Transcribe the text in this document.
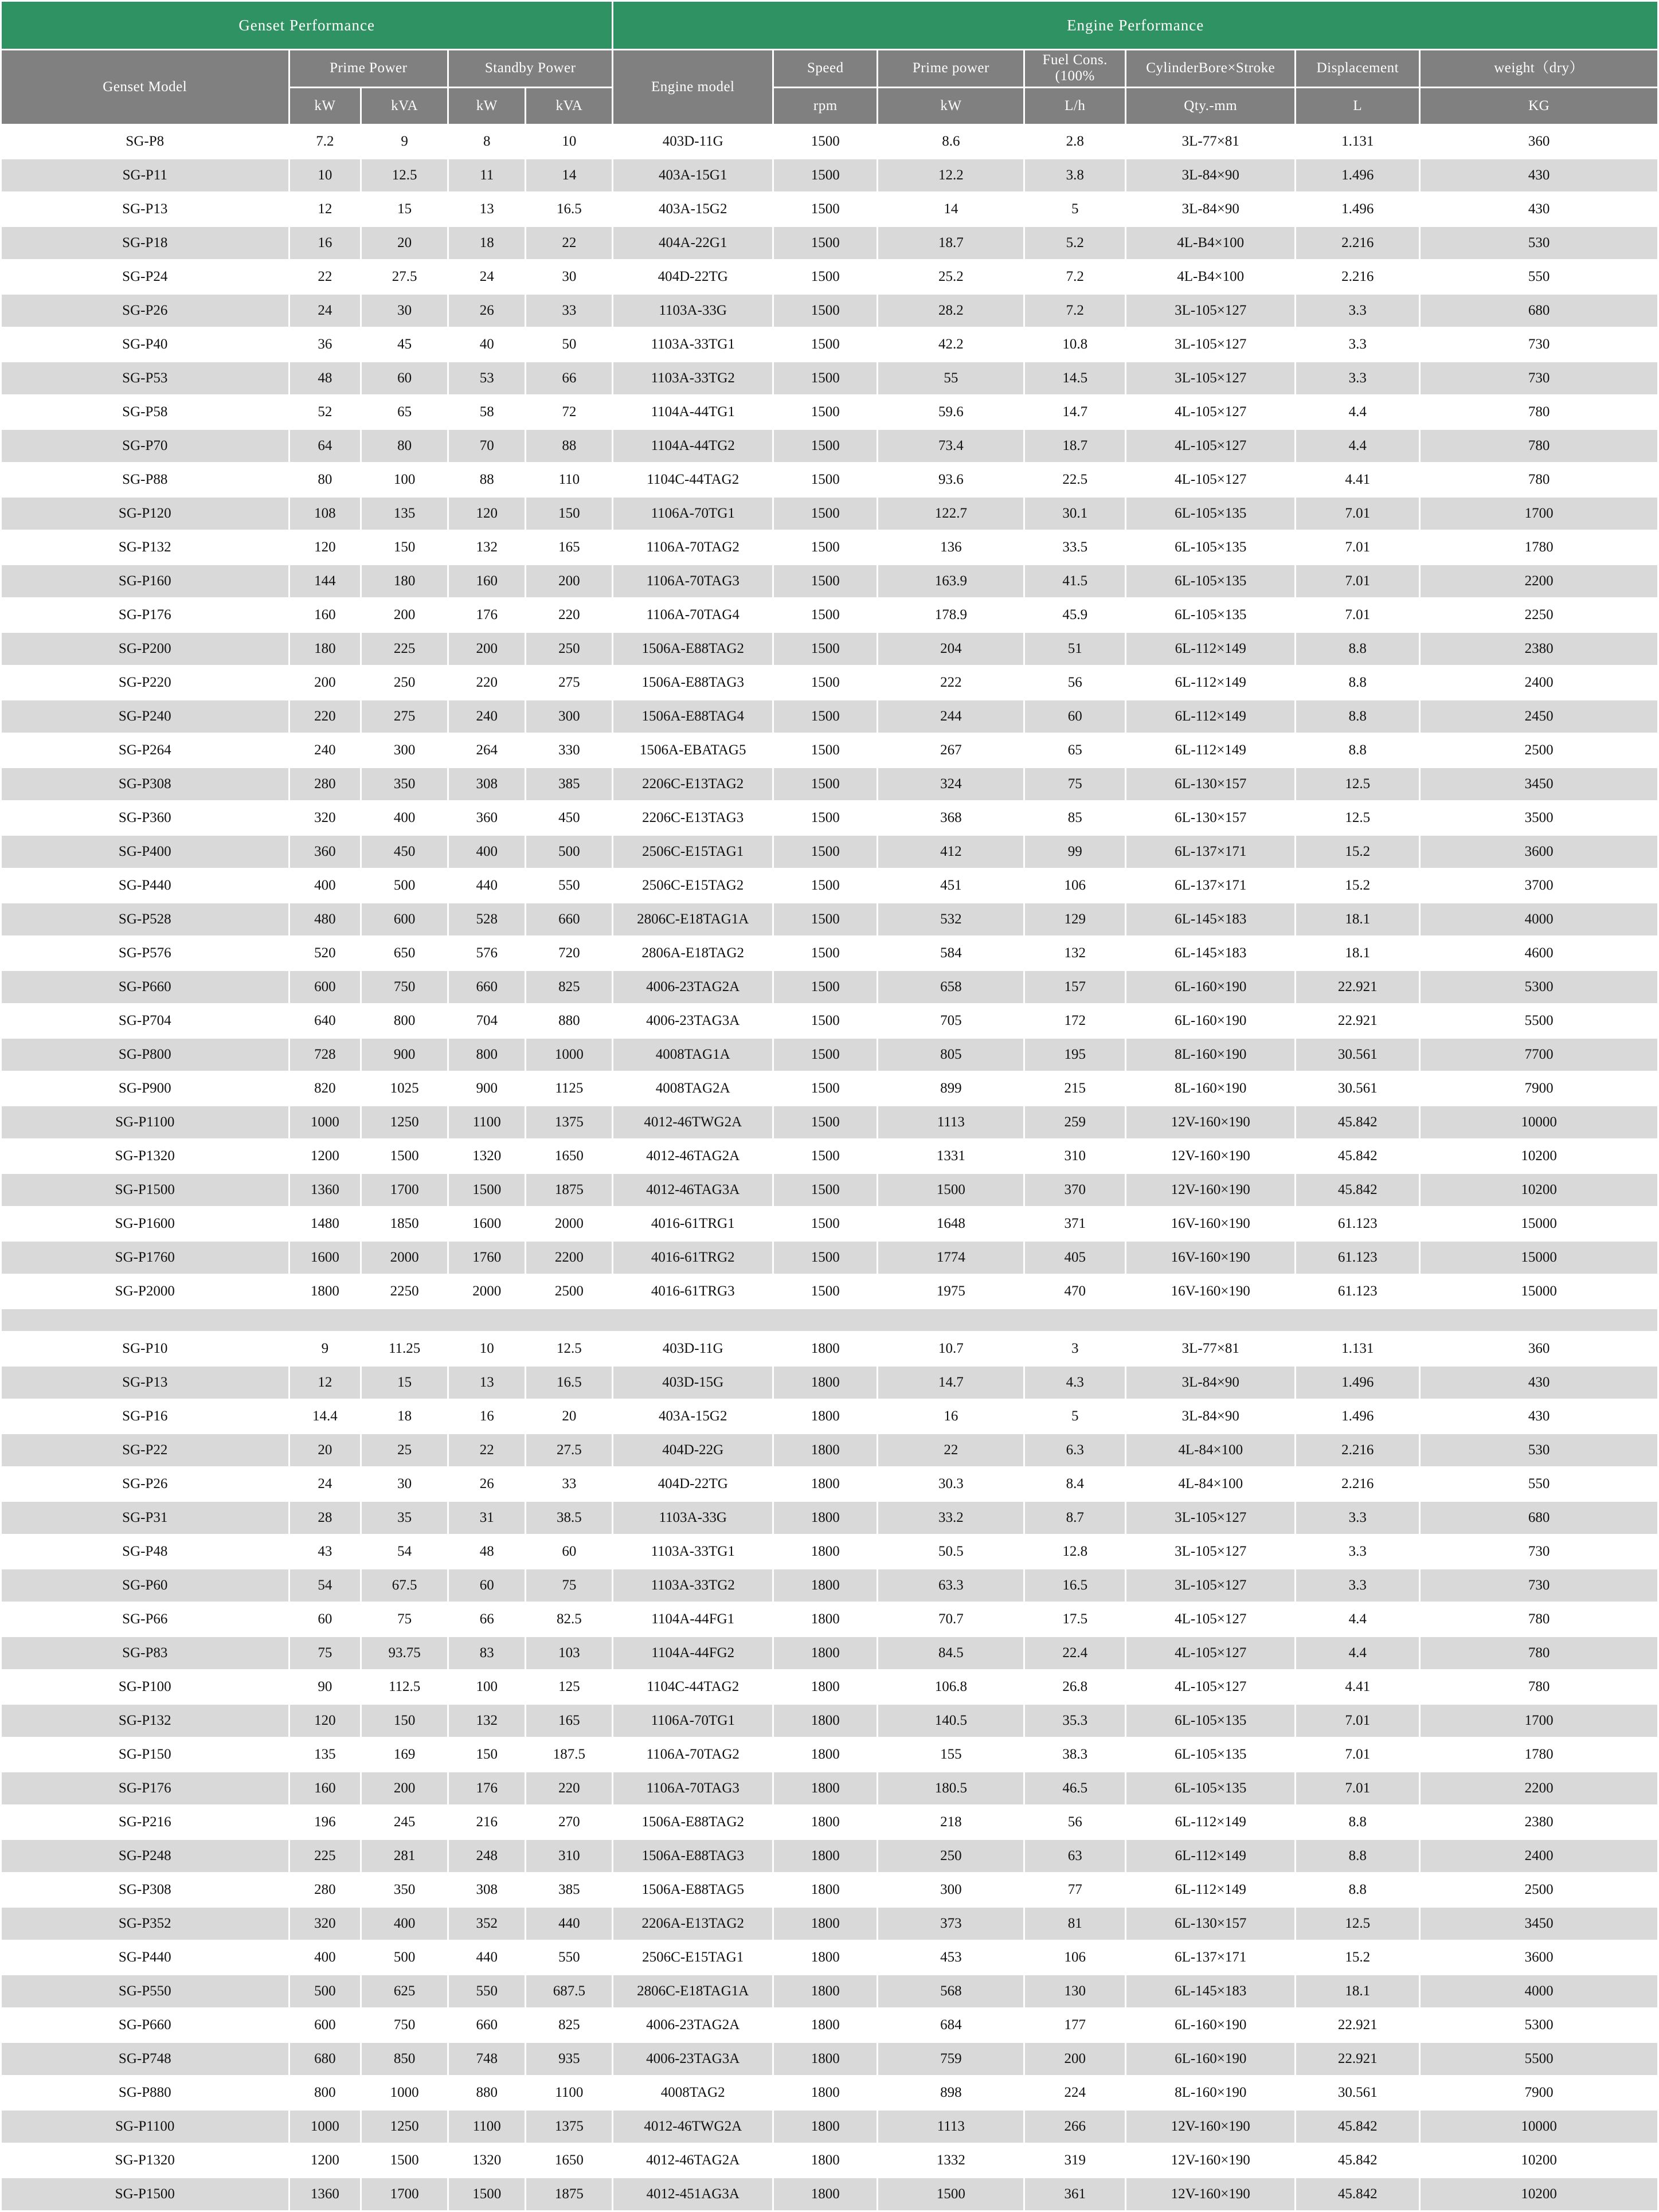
Genset Performance					Engine Performance						
Genset Model	Prime Power		Standby Power		Engine model	Speed	Prime power	Fuel Cons. (100%	CylinderBore×Stroke	Displacement	weight（dry）
	kW	kVA	kW	kVA		rpm	kW	L/h	Qty.-mm	L	KG
SG-P8	7.2	9	8	10	403D-11G	1500	8.6	2.8	3L-77×81	1.131	360
SG-P11	10	12.5	11	14	403A-15G1	1500	12.2	3.8	3L-84×90	1.496	430
SG-P13	12	15	13	16.5	403A-15G2	1500	14	5	3L-84×90	1.496	430
SG-P18	16	20	18	22	404A-22G1	1500	18.7	5.2	4L-B4×100	2.216	530
SG-P24	22	27.5	24	30	404D-22TG	1500	25.2	7.2	4L-B4×100	2.216	550
SG-P26	24	30	26	33	1103A-33G	1500	28.2	7.2	3L-105×127	3.3	680
SG-P40	36	45	40	50	1103A-33TG1	1500	42.2	10.8	3L-105×127	3.3	730
SG-P53	48	60	53	66	1103A-33TG2	1500	55	14.5	3L-105×127	3.3	730
SG-P58	52	65	58	72	1104A-44TG1	1500	59.6	14.7	4L-105×127	4.4	780
SG-P70	64	80	70	88	1104A-44TG2	1500	73.4	18.7	4L-105×127	4.4	780
SG-P88	80	100	88	110	1104C-44TAG2	1500	93.6	22.5	4L-105×127	4.41	780
SG-P120	108	135	120	150	1106A-70TG1	1500	122.7	30.1	6L-105×135	7.01	1700
SG-P132	120	150	132	165	1106A-70TAG2	1500	136	33.5	6L-105×135	7.01	1780
SG-P160	144	180	160	200	1106A-70TAG3	1500	163.9	41.5	6L-105×135	7.01	2200
SG-P176	160	200	176	220	1106A-70TAG4	1500	178.9	45.9	6L-105×135	7.01	2250
SG-P200	180	225	200	250	1506A-E88TAG2	1500	204	51	6L-112×149	8.8	2380
SG-P220	200	250	220	275	1506A-E88TAG3	1500	222	56	6L-112×149	8.8	2400
SG-P240	220	275	240	300	1506A-E88TAG4	1500	244	60	6L-112×149	8.8	2450
SG-P264	240	300	264	330	1506A-EBATAG5	1500	267	65	6L-112×149	8.8	2500
SG-P308	280	350	308	385	2206C-E13TAG2	1500	324	75	6L-130×157	12.5	3450
SG-P360	320	400	360	450	2206C-E13TAG3	1500	368	85	6L-130×157	12.5	3500
SG-P400	360	450	400	500	2506C-E15TAG1	1500	412	99	6L-137×171	15.2	3600
SG-P440	400	500	440	550	2506C-E15TAG2	1500	451	106	6L-137×171	15.2	3700
SG-P528	480	600	528	660	2806C-E18TAG1A	1500	532	129	6L-145×183	18.1	4000
SG-P576	520	650	576	720	2806A-E18TAG2	1500	584	132	6L-145×183	18.1	4600
SG-P660	600	750	660	825	4006-23TAG2A	1500	658	157	6L-160×190	22.921	5300
SG-P704	640	800	704	880	4006-23TAG3A	1500	705	172	6L-160×190	22.921	5500
SG-P800	728	900	800	1000	4008TAG1A	1500	805	195	8L-160×190	30.561	7700
SG-P900	820	1025	900	1125	4008TAG2A	1500	899	215	8L-160×190	30.561	7900
SG-P1100	1000	1250	1100	1375	4012-46TWG2A	1500	1113	259	12V-160×190	45.842	10000
SG-P1320	1200	1500	1320	1650	4012-46TAG2A	1500	1331	310	12V-160×190	45.842	10200
SG-P1500	1360	1700	1500	1875	4012-46TAG3A	1500	1500	370	12V-160×190	45.842	10200
SG-P1600	1480	1850	1600	2000	4016-61TRG1	1500	1648	371	16V-160×190	61.123	15000
SG-P1760	1600	2000	1760	2200	4016-61TRG2	1500	1774	405	16V-160×190	61.123	15000
SG-P2000	1800	2250	2000	2500	4016-61TRG3	1500	1975	470	16V-160×190	61.123	15000

SG-P10	9	11.25	10	12.5	403D-11G	1800	10.7	3	3L-77×81	1.131	360
SG-P13	12	15	13	16.5	403D-15G	1800	14.7	4.3	3L-84×90	1.496	430
SG-P16	14.4	18	16	20	403A-15G2	1800	16	5	3L-84×90	1.496	430
SG-P22	20	25	22	27.5	404D-22G	1800	22	6.3	4L-84×100	2.216	530
SG-P26	24	30	26	33	404D-22TG	1800	30.3	8.4	4L-84×100	2.216	550
SG-P31	28	35	31	38.5	1103A-33G	1800	33.2	8.7	3L-105×127	3.3	680
SG-P48	43	54	48	60	1103A-33TG1	1800	50.5	12.8	3L-105×127	3.3	730
SG-P60	54	67.5	60	75	1103A-33TG2	1800	63.3	16.5	3L-105×127	3.3	730
SG-P66	60	75	66	82.5	1104A-44FG1	1800	70.7	17.5	4L-105×127	4.4	780
SG-P83	75	93.75	83	103	1104A-44FG2	1800	84.5	22.4	4L-105×127	4.4	780
SG-P100	90	112.5	100	125	1104C-44TAG2	1800	106.8	26.8	4L-105×127	4.41	780
SG-P132	120	150	132	165	1106A-70TG1	1800	140.5	35.3	6L-105×135	7.01	1700
SG-P150	135	169	150	187.5	1106A-70TAG2	1800	155	38.3	6L-105×135	7.01	1780
SG-P176	160	200	176	220	1106A-70TAG3	1800	180.5	46.5	6L-105×135	7.01	2200
SG-P216	196	245	216	270	1506A-E88TAG2	1800	218	56	6L-112×149	8.8	2380
SG-P248	225	281	248	310	1506A-E88TAG3	1800	250	63	6L-112×149	8.8	2400
SG-P308	280	350	308	385	1506A-E88TAG5	1800	300	77	6L-112×149	8.8	2500
SG-P352	320	400	352	440	2206A-E13TAG2	1800	373	81	6L-130×157	12.5	3450
SG-P440	400	500	440	550	2506C-E15TAG1	1800	453	106	6L-137×171	15.2	3600
SG-P550	500	625	550	687.5	2806C-E18TAG1A	1800	568	130	6L-145×183	18.1	4000
SG-P660	600	750	660	825	4006-23TAG2A	1800	684	177	6L-160×190	22.921	5300
SG-P748	680	850	748	935	4006-23TAG3A	1800	759	200	6L-160×190	22.921	5500
SG-P880	800	1000	880	1100	4008TAG2	1800	898	224	8L-160×190	30.561	7900
SG-P1100	1000	1250	1100	1375	4012-46TWG2A	1800	1113	266	12V-160×190	45.842	10000
SG-P1320	1200	1500	1320	1650	4012-46TAG2A	1800	1332	319	12V-160×190	45.842	10200
SG-P1500	1360	1700	1500	1875	4012-451AG3A	1800	1500	361	12V-160×190	45.842	10200
